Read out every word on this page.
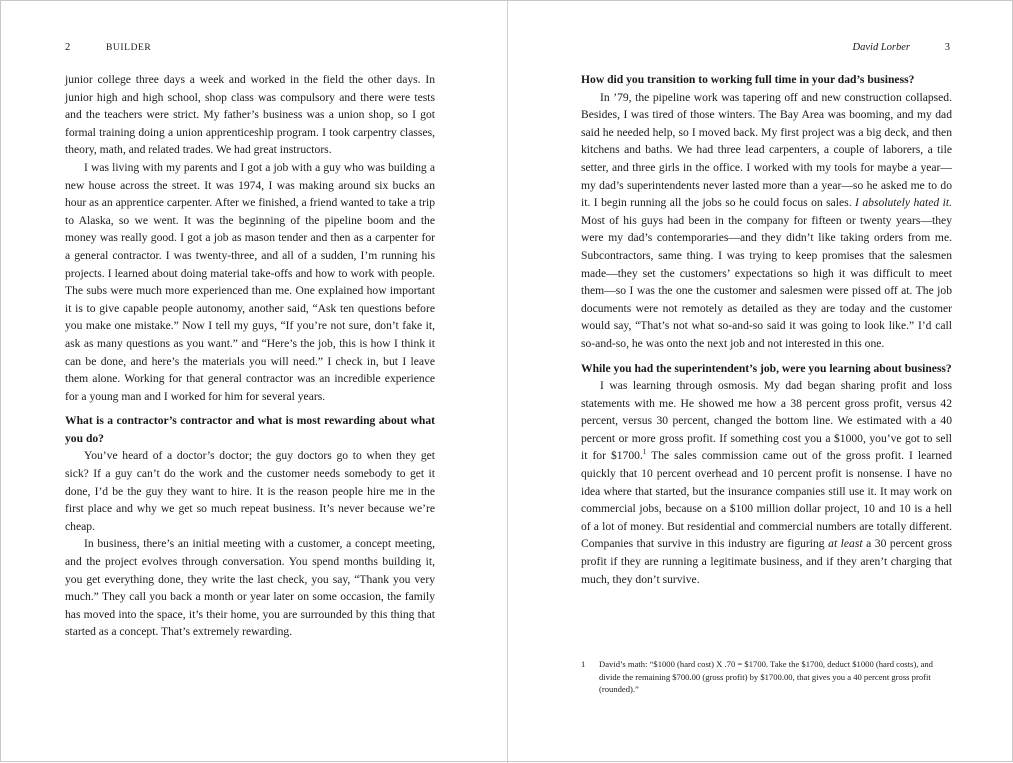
2	BUILDER

junior college three days a week and worked in the field the other days. In junior high and high school, shop class was compulsory and there were tests and the teachers were strict. My father’s business was a union shop, so I got formal training doing a union apprenticeship program. I took carpentry classes, theory, math, and related trades. We had great instructors.

I was living with my parents and I got a job with a guy who was building a new house across the street. It was 1974, I was making around six bucks an hour as an apprentice carpenter. After we finished, a friend wanted to take a trip to Alaska, so we went. It was the beginning of the pipeline boom and the money was really good. I got a job as mason tender and then as a carpenter for a general contractor. I was twenty-three, and all of a sudden, I’m running his projects. I learned about doing material take-offs and how to work with people. The subs were much more experienced than me. One explained how important it is to give capable people autonomy, another said, “Ask ten questions before you make one mistake.” Now I tell my guys, “If you’re not sure, don’t fake it, ask as many questions as you want.” and “Here’s the job, this is how I think it can be done, and here’s the materials you will need.” I check in, but I leave them alone. Working for that general contractor was an incredible experience for a young man and I worked for him for several years.

What is a contractor’s contractor and what is most rewarding about what you do?

You’ve heard of a doctor’s doctor; the guy doctors go to when they get sick? If a guy can’t do the work and the customer needs somebody to get it done, I’d be the guy they want to hire. It is the reason people hire me in the first place and why we get so much repeat business. It’s never because we’re cheap.

In business, there’s an initial meeting with a customer, a concept meeting, and the project evolves through conversation. You spend months building it, you get everything done, they write the last check, you say, “Thank you very much.” They call you back a month or year later on some occasion, the family has moved into the space, it’s their home, you are surrounded by this thing that started as a concept. That’s extremely rewarding.

David Lorber	3
How did you transition to working full time in your dad’s business?

In ’79, the pipeline work was tapering off and new construction collapsed. Besides, I was tired of those winters. The Bay Area was booming, and my dad said he needed help, so I moved back. My first project was a big deck, and then kitchens and baths. We had three lead carpenters, a couple of laborers, a tile setter, and three girls in the office. I worked with my tools for maybe a year—my dad’s superintendents never lasted more than a year—so he asked me to do it. I begin running all the jobs so he could focus on sales. I absolutely hated it. Most of his guys had been in the company for fifteen or twenty years—they were my dad’s contemporaries—and they didn’t like taking orders from me. Subcontractors, same thing. I was trying to keep promises that the salesmen made—they set the customers’ expectations so high it was difficult to meet them—so I was the one the customer and salesmen were pissed off at. The job documents were not remotely as detailed as they are today and the customer would say, “That’s not what so-and-so said it was going to look like.” I’d call so-and-so, he was onto the next job and not interested in this one.

While you had the superintendent’s job, were you learning about business?

I was learning through osmosis. My dad began sharing profit and loss statements with me. He showed me how a 38 percent gross profit, versus 42 percent, versus 30 percent, changed the bottom line. We estimated with a 40 percent or more gross profit. If something cost you a $1000, you’ve got to sell it for $1700.$^1$ The sales commission came out of the gross profit. I learned quickly that 10 percent overhead and 10 percent profit is nonsense. I have no idea where that started, but the insurance companies still use it. It may work on commercial jobs, because on a $100 million dollar project, 10 and 10 is a hell of a lot of money. But residential and commercial numbers are totally different. Companies that survive in this industry are figuring at least a 30 percent gross profit if they are running a legitimate business, and if they aren’t charging that much, they don’t survive.

1 David’s math: “$1000 (hard cost) X .70 = $1700. Take the $1700, deduct $1000 (hard costs), and divide the remaining $700.00 (gross profit) by $1700.00, that gives you a 40 percent gross profit (rounded).”
